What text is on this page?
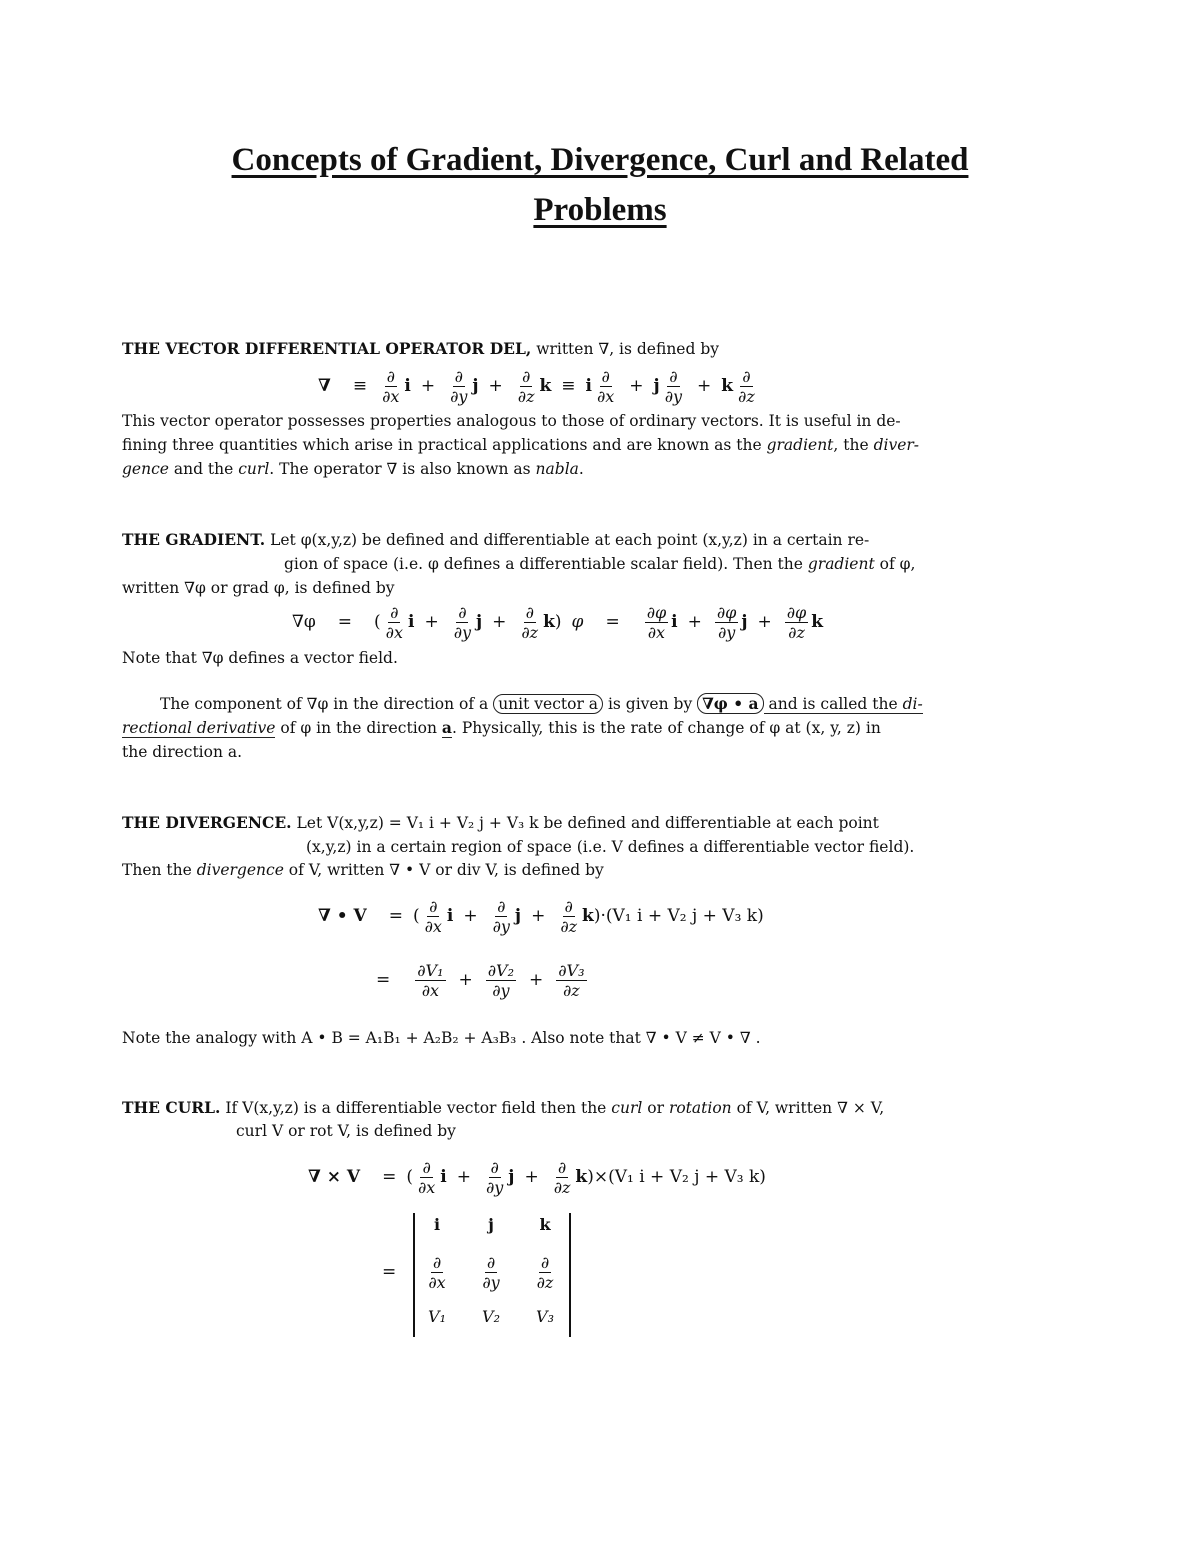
Concepts of Gradient, Divergence, Curl and Related
Problems
THE VECTOR DIFFERENTIAL OPERATOR DEL, written ∇, is defined by
∇ ≡ $\frac{\partial}{\partial x}$ $i + \frac{\partial}{\partial y}$ $j + \frac{\partial}{\partial z}$ k ≡ i $\frac{\partial}{\partial x} + j \frac{\partial}{\partial y} + k \frac{\partial}{\partial z}$
This vector operator possesses properties analogous to those of ordinary vectors. It is useful in de-
fining three quantities which arise in practical applications and are known as the gradient, the diver-
gence and the curl. The operator ∇ is also known as nabla.
THE GRADIENT. Let φ(x,y,z) be defined and differentiable at each point (x,y,z) in a certain re-
gion of space (i.e. φ defines a differentiable scalar field). Then the gradient of φ,
written ∇φ or grad φ, is defined by
∇φ = ( $\frac{\partial}{\partial x}$ $i + \frac{\partial}{\partial y}$ $j + \frac{\partial}{\partial z}$ k ) $\varphi = \frac{\partial\varphi}{\partial x}$ $i + \frac{\partial\varphi}{\partial y}$ $j + \frac{\partial\varphi}{\partial z}$ k
Note that ∇φ defines a vector field.
The component of ∇φ in the direction of a unit vector a is given by ∇φ • a and is called the di-
rectional derivative of φ in the direction a. Physically, this is the rate of change of φ at (x, y, z) in
the direction a.
THE DIVERGENCE. Let V(x,y,z) = V₁ i + V₂ j + V₃ k be defined and differentiable at each point
(x,y,z) in a certain region of space (i.e. V defines a differentiable vector field).
Then the divergence of V, written ∇ • V or div V, is defined by
∇ • V = ( $\frac{\partial}{\partial x}$ $i + \frac{\partial}{\partial y}$ $j + \frac{\partial}{\partial z}$ k ) · (V₁ i + V₂ j + V₃ k)
= $\frac{\text{∂V₁}}{\partial x} + \frac{\text{∂V₂}}{\partial y} + \frac{\text{∂V₃}}{\partial z}$
Note the analogy with A • B = A₁B₁ + A₂B₂ + A₃B₃ . Also note that ∇ • V ≠ V • ∇ .
THE CURL. If V(x,y,z) is a differentiable vector field then the curl or rotation of V, written ∇ × V,
curl V or rot V, is defined by
∇ × V = ( $\frac{\partial}{\partial x}$ $i + \frac{\partial}{\partial y}$ $j + \frac{\partial}{\partial z}$ k ) × (V₁ i + V₂ j + V₃ k)
=
i	j	k
$\frac{\partial}{\partial x} \frac{\partial}{\partial y} \frac{\partial}{\partial z}$
V₁	V₂	V₃
